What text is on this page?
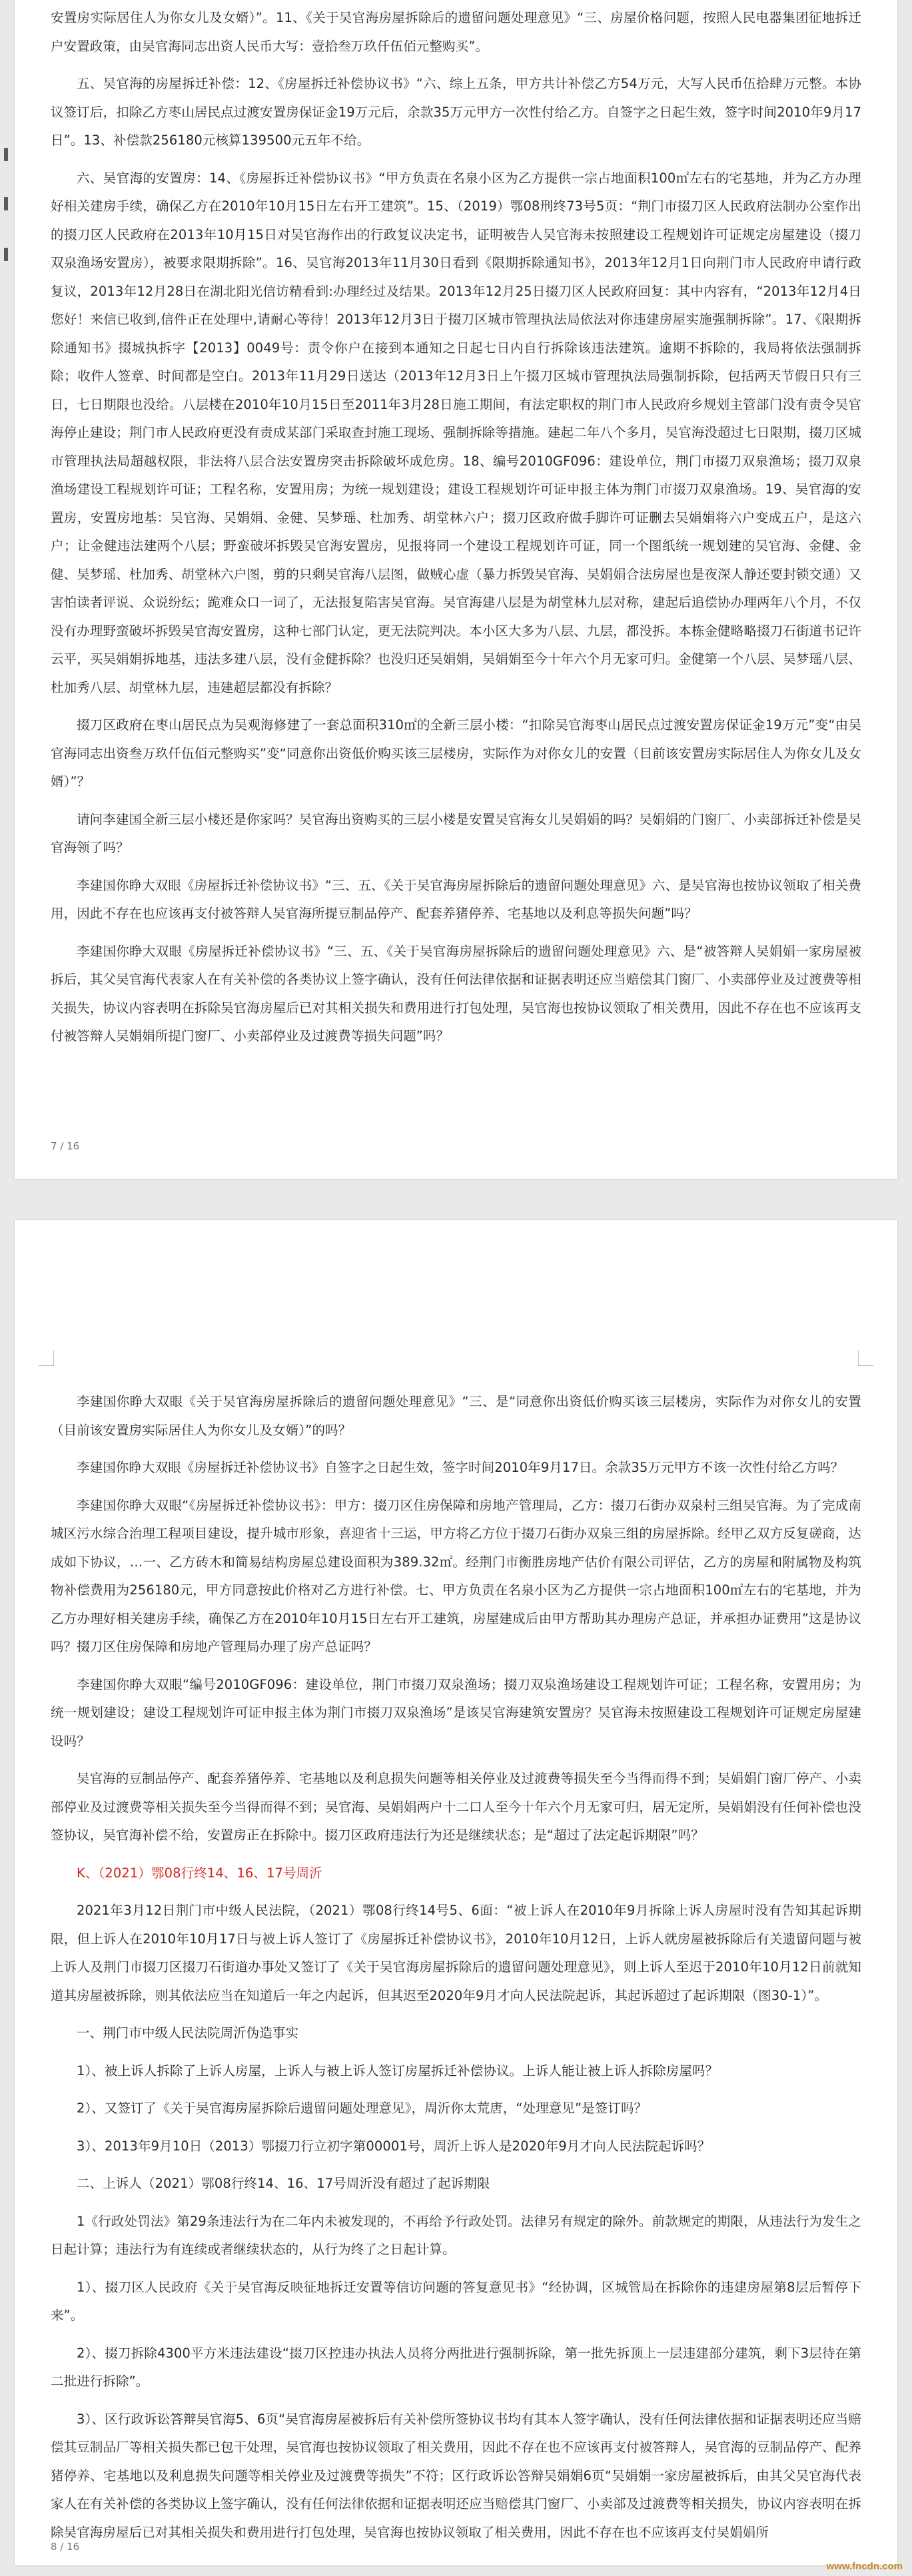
安置房实际居住人为你女儿及女婿）”。11、《关于吴官海房屋拆除后的遗留问题处理意见》“三、房屋价格问题，按照人民电器集团征地拆迁户安置政策，由吴官海同志出资人民币大写：壹拾叁万玖仟伍佰元整购买”。

五、吴官海的房屋拆迁补偿：12、《房屋拆迁补偿协议书》“六、综上五条，甲方共计补偿乙方54万元，大写人民币伍拾肆万元整。本协议签订后，扣除乙方枣山居民点过渡安置房保证金19万元后，余款35万元甲方一次性付给乙方。自签字之日起生效，签字时间2010年9月17日”。13、补偿款256180元核算139500元五年不给。

六、吴官海的安置房：14、《房屋拆迁补偿协议书》“甲方负责在名泉小区为乙方提供一宗占地面积100㎡左右的宅基地，并为乙方办理好相关建房手续，确保乙方在2010年10月15日左右开工建筑”。15、（2019）鄂08刑终73号5页：“荆门市掇刀区人民政府法制办公室作出的掇刀区人民政府在2013年10月15日对吴官海作出的行政复议决定书，证明被告人吴官海未按照建设工程规划许可证规定房屋建设（掇刀双泉渔场安置房），被要求限期拆除”。16、吴官海2013年11月30日看到《限期拆除通知书》，2013年12月1日向荆门市人民政府申请行政复议，2013年12月28日在湖北阳光信访精看到:办理经过及结果。2013年12月25日掇刀区人民政府回复：其中内容有，“2013年12月4日您好！来信已收到,信件正在处理中,请耐心等待！2013年12月3日于掇刀区城市管理执法局依法对你违建房屋实施强制拆除”。17、《限期拆除通知书》掇城执拆字【2013】0049号：责令你户在接到本通知之日起七日内自行拆除该违法建筑。逾期不拆除的，我局将依法强制拆除；收件人签章、时间都是空白。2013年11月29日送达（2013年12月3日上午掇刀区城市管理执法局强制拆除，包括两天节假日只有三日，七日期限也没给。八层楼在2010年10月15日至2011年3月28日施工期间，有法定职权的荆门市人民政府乡规划主管部门没有责令吴官海停止建设；荆门市人民政府更没有责成某部门采取查封施工现场、强制拆除等措施。建起二年八个多月，吴官海没超过七日限期，掇刀区城市管理执法局超越权限，非法将八层合法安置房突击拆除破坏成危房。18、编号2010GF096：建设单位，荆门市掇刀双泉渔场；掇刀双泉渔场建设工程规划许可证；工程名称，安置用房；为统一规划建设；建设工程规划许可证申报主体为荆门市掇刀双泉渔场。19、吴官海的安置房，安置房地基：吴官海、吴娟娟、金健、吴梦瑶、杜加秀、胡堂林六户；掇刀区政府做手脚许可证删去吴娟娟将六户变成五户，是这六户；让金健违法建两个八层；野蛮破坏拆毁吴官海安置房，见报将同一个建设工程规划许可证，同一个图纸统一规划建的吴官海、金健、金健、吴梦瑶、杜加秀、胡堂林六户图，剪的只剩吴官海八层图，做贼心虚（暴力拆毁吴官海、吴娟娟合法房屋也是夜深人静还要封锁交通）又害怕读者评说、众说纷纭；跪难众口一词了，无法报复陷害吴官海。吴官海建八层是为胡堂林九层对称，建起后追偿协办理两年八个月，不仅没有办理野蛮破坏拆毁吴官海安置房，这种七部门认定，更无法院判决。本小区大多为八层、九层，都没拆。本栋金健略略掇刀石街道书记许云平，买吴娟娟拆地基，违法多建八层，没有金健拆除？也没归还吴娟娟，吴娟娟至今十年六个月无家可归。金健第一个八层、吴梦瑶八层、杜加秀八层、胡堂林九层，违建超层都没有拆除？

掇刀区政府在枣山居民点为吴观海修建了一套总面积310㎡的全新三层小楼：“扣除吴官海枣山居民点过渡安置房保证金19万元”变“由吴官海同志出资叁万玖仟伍佰元整购买”变“同意你出资低价购买该三层楼房，实际作为对你女儿的安置（目前该安置房实际居住人为你女儿及女婿）”？

请问李建国全新三层小楼还是你家吗？吴官海出资购买的三层小楼是安置吴官海女儿吴娟娟的吗？吴娟娟的门窗厂、小卖部拆迁补偿是吴官海领了吗？

李建国你睁大双眼《房屋拆迁补偿协议书》“三、五、《关于吴官海房屋拆除后的遗留问题处理意见》六、是吴官海也按协议领取了相关费用，因此不存在也应该再支付被答辩人吴官海所提豆制品停产、配套养猪停养、宅基地以及利息等损失问题”吗？

李建国你睁大双眼《房屋拆迁补偿协议书》“三、五、《关于吴官海房屋拆除后的遗留问题处理意见》六、是“被答辩人吴娟娟一家房屋被拆后，其父吴官海代表家人在有关补偿的各类协议上签字确认，没有任何法律依据和证据表明还应当赔偿其门窗厂、小卖部停业及过渡费等相关损失，协议内容表明在拆除吴官海房屋后已对其相关损失和费用进行打包处理，吴官海也按协议领取了相关费用，因此不存在也不应该再支付被答辩人吴娟娟所提门窗厂、小卖部停业及过渡费等损失问题”吗？

7 / 16

李建国你睁大双眼《关于吴官海房屋拆除后的遗留问题处理意见》“三、是“同意你出资低价购买该三层楼房，实际作为对你女儿的安置（目前该安置房实际居住人为你女儿及女婿）”的吗？

李建国你睁大双眼《房屋拆迁补偿协议书》自签字之日起生效，签字时间2010年9月17日。余款35万元甲方不该一次性付给乙方吗？

李建国你睁大双眼“《房屋拆迁补偿协议书》：甲方：掇刀区住房保障和房地产管理局，乙方：掇刀石街办双泉村三组吴官海。为了完成南城区污水综合治理工程项目建设，提升城市形象，喜迎省十三运，甲方将乙方位于掇刀石街办双泉三组的房屋拆除。经甲乙双方反复磋商，达成如下协议，…一、乙方砖木和简易结构房屋总建设面积为389.32㎡。经荆门市衡胜房地产估价有限公司评估，乙方的房屋和附属物及构筑物补偿费用为256180元，甲方同意按此价格对乙方进行补偿。七、甲方负责在名泉小区为乙方提供一宗占地面积100㎡左右的宅基地，并为乙方办理好相关建房手续，确保乙方在2010年10月15日左右开工建筑，房屋建成后由甲方帮助其办理房产总证，并承担办证费用”这是协议吗？掇刀区住房保障和房地产管理局办理了房产总证吗？

李建国你睁大双眼“编号2010GF096：建设单位，荆门市掇刀双泉渔场；掇刀双泉渔场建设工程规划许可证；工程名称，安置用房；为统一规划建设；建设工程规划许可证申报主体为荆门市掇刀双泉渔场”是该吴官海建筑安置房？吴官海未按照建设工程规划许可证规定房屋建设吗？

吴官海的豆制品停产、配套养猪停养、宅基地以及利息损失问题等相关停业及过渡费等损失至今当得而得不到；吴娟娟门窗厂停产、小卖部停业及过渡费等相关损失至今当得而得不到；吴官海、吴娟娟两户十二口人至今十年六个月无家可归，居无定所，吴娟娟没有任何补偿也没签协议，吴官海补偿不给，安置房正在拆除中。掇刀区政府违法行为还是继续状态；是“超过了法定起诉期限”吗？

K、（2021）鄂08行终14、16、17号周沂

2021年3月12日荆门市中级人民法院，（2021）鄂08行终14号5、6面：“被上诉人在2010年9月拆除上诉人房屋时没有告知其起诉期限，但上诉人在2010年10月17日与被上诉人签订了《房屋拆迁补偿协议书》，2010年10月12日，上诉人就房屋被拆除后有关遗留问题与被上诉人及荆门市掇刀区掇刀石街道办事处又签订了《关于吴官海房屋拆除后的遗留问题处理意见》，则上诉人至迟于2010年10月12日前就知道其房屋被拆除，则其依法应当在知道后一年之内起诉，但其迟至2020年9月才向人民法院起诉，其起诉超过了起诉期限（图30-1）”。

一、荆门市中级人民法院周沂伪造事实

1）、被上诉人拆除了上诉人房屋，上诉人与被上诉人签订房屋拆迁补偿协议。上诉人能让被上诉人拆除房屋吗？

2）、又签订了《关于吴官海房屋拆除后遗留问题处理意见》，周沂你太荒唐，“处理意见”是签订吗？

3）、2013年9月10日（2013）鄂掇刀行立初字第00001号，周沂上诉人是2020年9月才向人民法院起诉吗？

二、上诉人（2021）鄂08行终14、16、17号周沂没有超过了起诉期限

1《行政处罚法》第29条违法行为在二年内未被发现的，不再给予行政处罚。法律另有规定的除外。前款规定的期限，从违法行为发生之日起计算；违法行为有连续或者继续状态的，从行为终了之日起计算。

1）、掇刀区人民政府《关于吴官海反映征地拆迁安置等信访问题的答复意见书》“经协调，区城管局在拆除你的违建房屋第8层后暂停下来”。

2）、掇刀拆除4300平方米违法建设“掇刀区控违办执法人员将分两批进行强制拆除，第一批先拆顶上一层违建部分建筑，剩下3层待在第二批进行拆除”。

3）、区行政诉讼答辩吴官海5、6页“吴官海房屋被拆后有关补偿所签协议书均有其本人签字确认，没有任何法律依据和证据表明还应当赔偿其豆制品厂等相关损失都已包干处理，吴官海也按协议领取了相关费用，因此不存在也不应该再支付被答辩人，吴官海的豆制品停产、配养猪停养、宅基地以及利息损失问题等相关停业及过渡费等损失”不符；区行政诉讼答辩吴娟娟6页“吴娟娟一家房屋被拆后，由其父吴官海代表家人在有关补偿的各类协议上签字确认，没有任何法律依据和证据表明还应当赔偿其门窗厂、小卖部及过渡费等相关损失，协议内容表明在拆除吴官海房屋后已对其相关损失和费用进行打包处理，吴官海也按协议领取了相关费用，因此不存在也不应该再支付吴娟娟所

8 / 16
www.fncdn.com
